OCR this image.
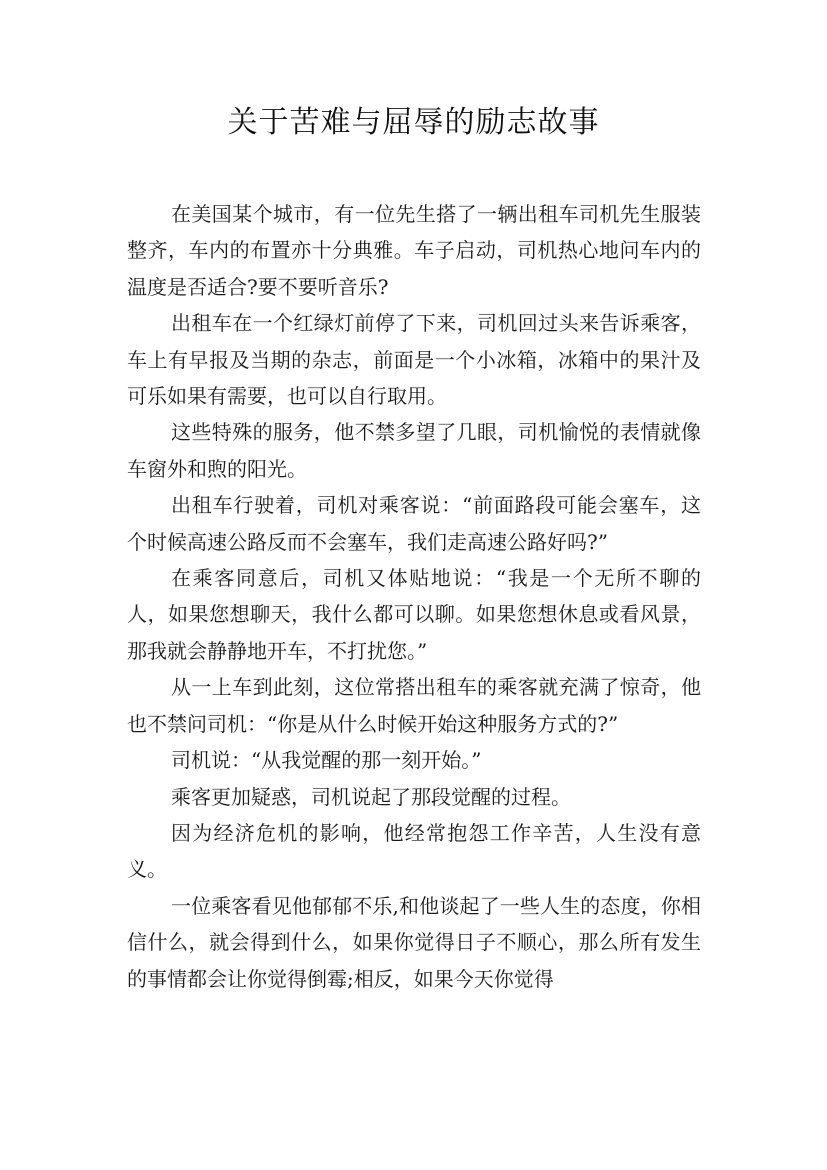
关于苦难与屈辱的励志故事

在美国某个城市，有一位先生搭了一辆出租车司机先生服装整齐，车内的布置亦十分典雅。车子启动，司机热心地问车内的温度是否适合?要不要听音乐?

出租车在一个红绿灯前停了下来，司机回过头来告诉乘客，车上有早报及当期的杂志，前面是一个小冰箱，冰箱中的果汁及可乐如果有需要，也可以自行取用。

这些特殊的服务，他不禁多望了几眼，司机愉悦的表情就像车窗外和煦的阳光。

出租车行驶着，司机对乘客说：“前面路段可能会塞车，这个时候高速公路反而不会塞车，我们走高速公路好吗?”

在乘客同意后，司机又体贴地说：“我是一个无所不聊的人，如果您想聊天，我什么都可以聊。如果您想休息或看风景，那我就会静静地开车，不打扰您。”

从一上车到此刻，这位常搭出租车的乘客就充满了惊奇，他也不禁问司机：“你是从什么时候开始这种服务方式的?”

司机说：“从我觉醒的那一刻开始。”

乘客更加疑惑，司机说起了那段觉醒的过程。

因为经济危机的影响，他经常抱怨工作辛苦，人生没有意义。

一位乘客看见他郁郁不乐,和他谈起了一些人生的态度，你相信什么，就会得到什么，如果你觉得日子不顺心，那么所有发生的事情都会让你觉得倒霉;相反，如果今天你觉得
